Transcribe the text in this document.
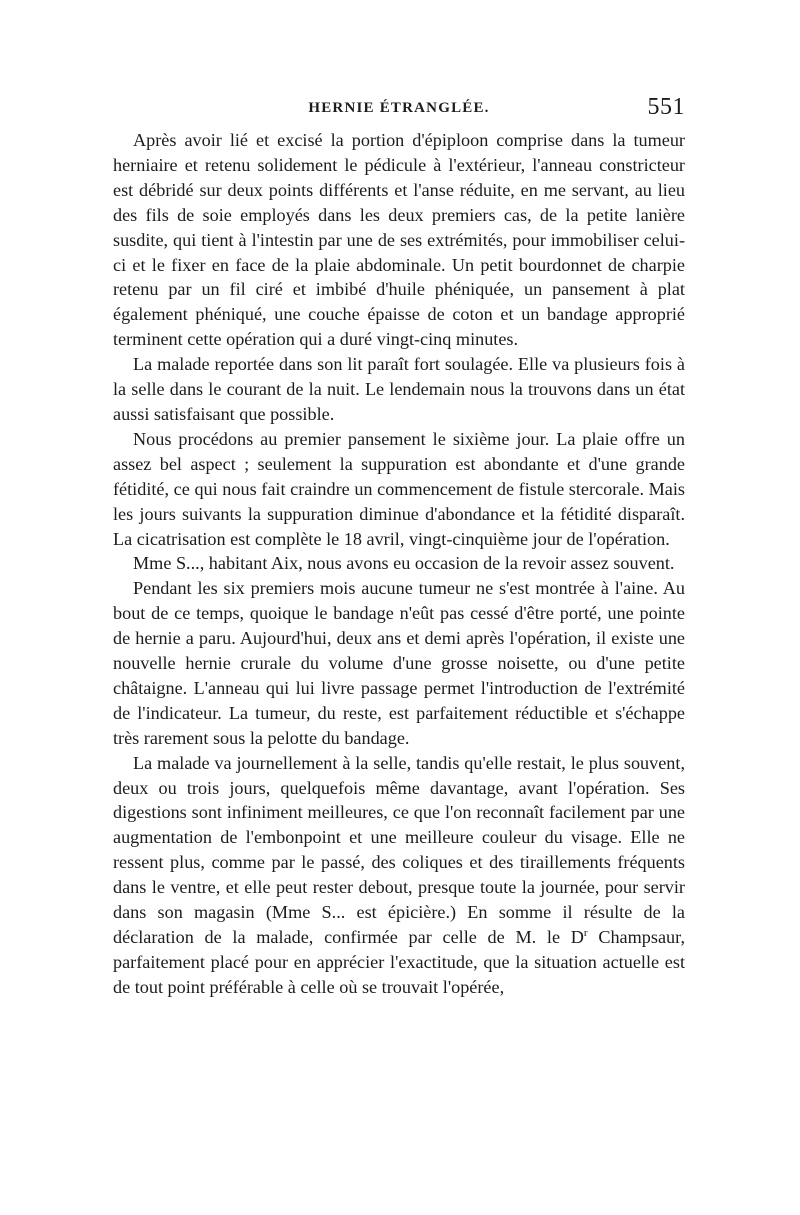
HERNIE ÉTRANGLÉE.	551

Après avoir lié et excisé la portion d'épiploon comprise dans la tumeur herniaire et retenu solidement le pédicule à l'extérieur, l'anneau constricteur est débridé sur deux points différents et l'anse réduite, en me servant, au lieu des fils de soie employés dans les deux premiers cas, de la petite lanière susdite, qui tient à l'intestin par une de ses extrémités, pour immobiliser celui-ci et le fixer en face de la plaie abdominale. Un petit bourdonnet de charpie retenu par un fil ciré et imbibé d'huile phéniquée, un pansement à plat également phéniqué, une couche épaisse de coton et un bandage approprié terminent cette opération qui a duré vingt-cinq minutes.

La malade reportée dans son lit paraît fort soulagée. Elle va plusieurs fois à la selle dans le courant de la nuit. Le lendemain nous la trouvons dans un état aussi satisfaisant que possible.

Nous procédons au premier pansement le sixième jour. La plaie offre un assez bel aspect ; seulement la suppuration est abondante et d'une grande fétidité, ce qui nous fait craindre un commencement de fistule stercorale. Mais les jours suivants la suppuration diminue d'abondance et la fétidité disparaît. La cicatrisation est complète le 18 avril, vingt-cinquième jour de l'opération.

Mme S..., habitant Aix, nous avons eu occasion de la revoir assez souvent.

Pendant les six premiers mois aucune tumeur ne s'est montrée à l'aine. Au bout de ce temps, quoique le bandage n'eût pas cessé d'être porté, une pointe de hernie a paru. Aujourd'hui, deux ans et demi après l'opération, il existe une nouvelle hernie crurale du volume d'une grosse noisette, ou d'une petite châtaigne. L'anneau qui lui livre passage permet l'introduction de l'extrémité de l'indicateur. La tumeur, du reste, est parfaitement réductible et s'échappe très rarement sous la pelotte du bandage.

La malade va journellement à la selle, tandis qu'elle restait, le plus souvent, deux ou trois jours, quelquefois même davantage, avant l'opération. Ses digestions sont infiniment meilleures, ce que l'on reconnaît facilement par une augmentation de l'embonpoint et une meilleure couleur du visage. Elle ne ressent plus, comme par le passé, des coliques et des tiraillements fréquents dans le ventre, et elle peut rester debout, presque toute la journée, pour servir dans son magasin (Mme S... est épicière.) En somme il résulte de la déclaration de la malade, confirmée par celle de M. le $D^r$ Champsaur, parfaitement placé pour en apprécier l'exactitude, que la situation actuelle est de tout point préférable à celle où se trouvait l'opérée,
